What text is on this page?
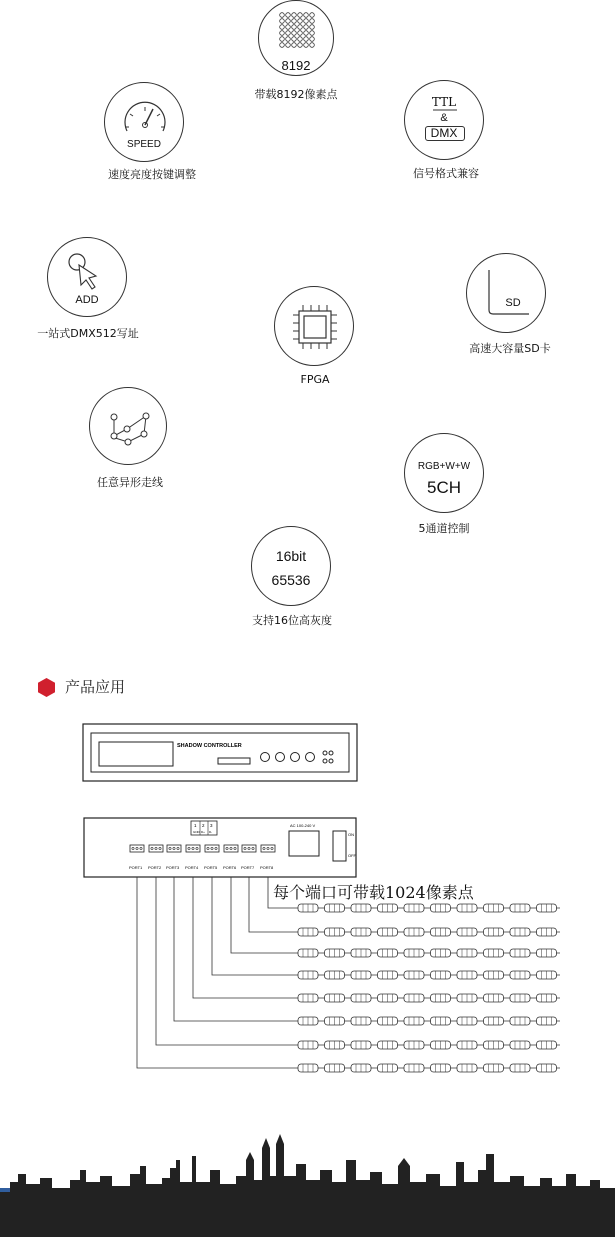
8192
带载8192像素点
SPEED
速度亮度按键调整
TTL
&
DMX
信号格式兼容
ADD
一站式DMX512写址
FPGA
SD
高速大容量SD卡
任意异形走线
RGB+W+W
5CH
5通道控制
16bit
65536
支持16位高灰度
产品应用
SHADOW CONTROLLER
1
GND
2
D+
3
D-
AC 100-240 V
ON
OFF
PORT1 PORT2 PORT3 PORT4 PORT5 PORT6 PORT7 PORT8
每个端口可带载1024像素点
